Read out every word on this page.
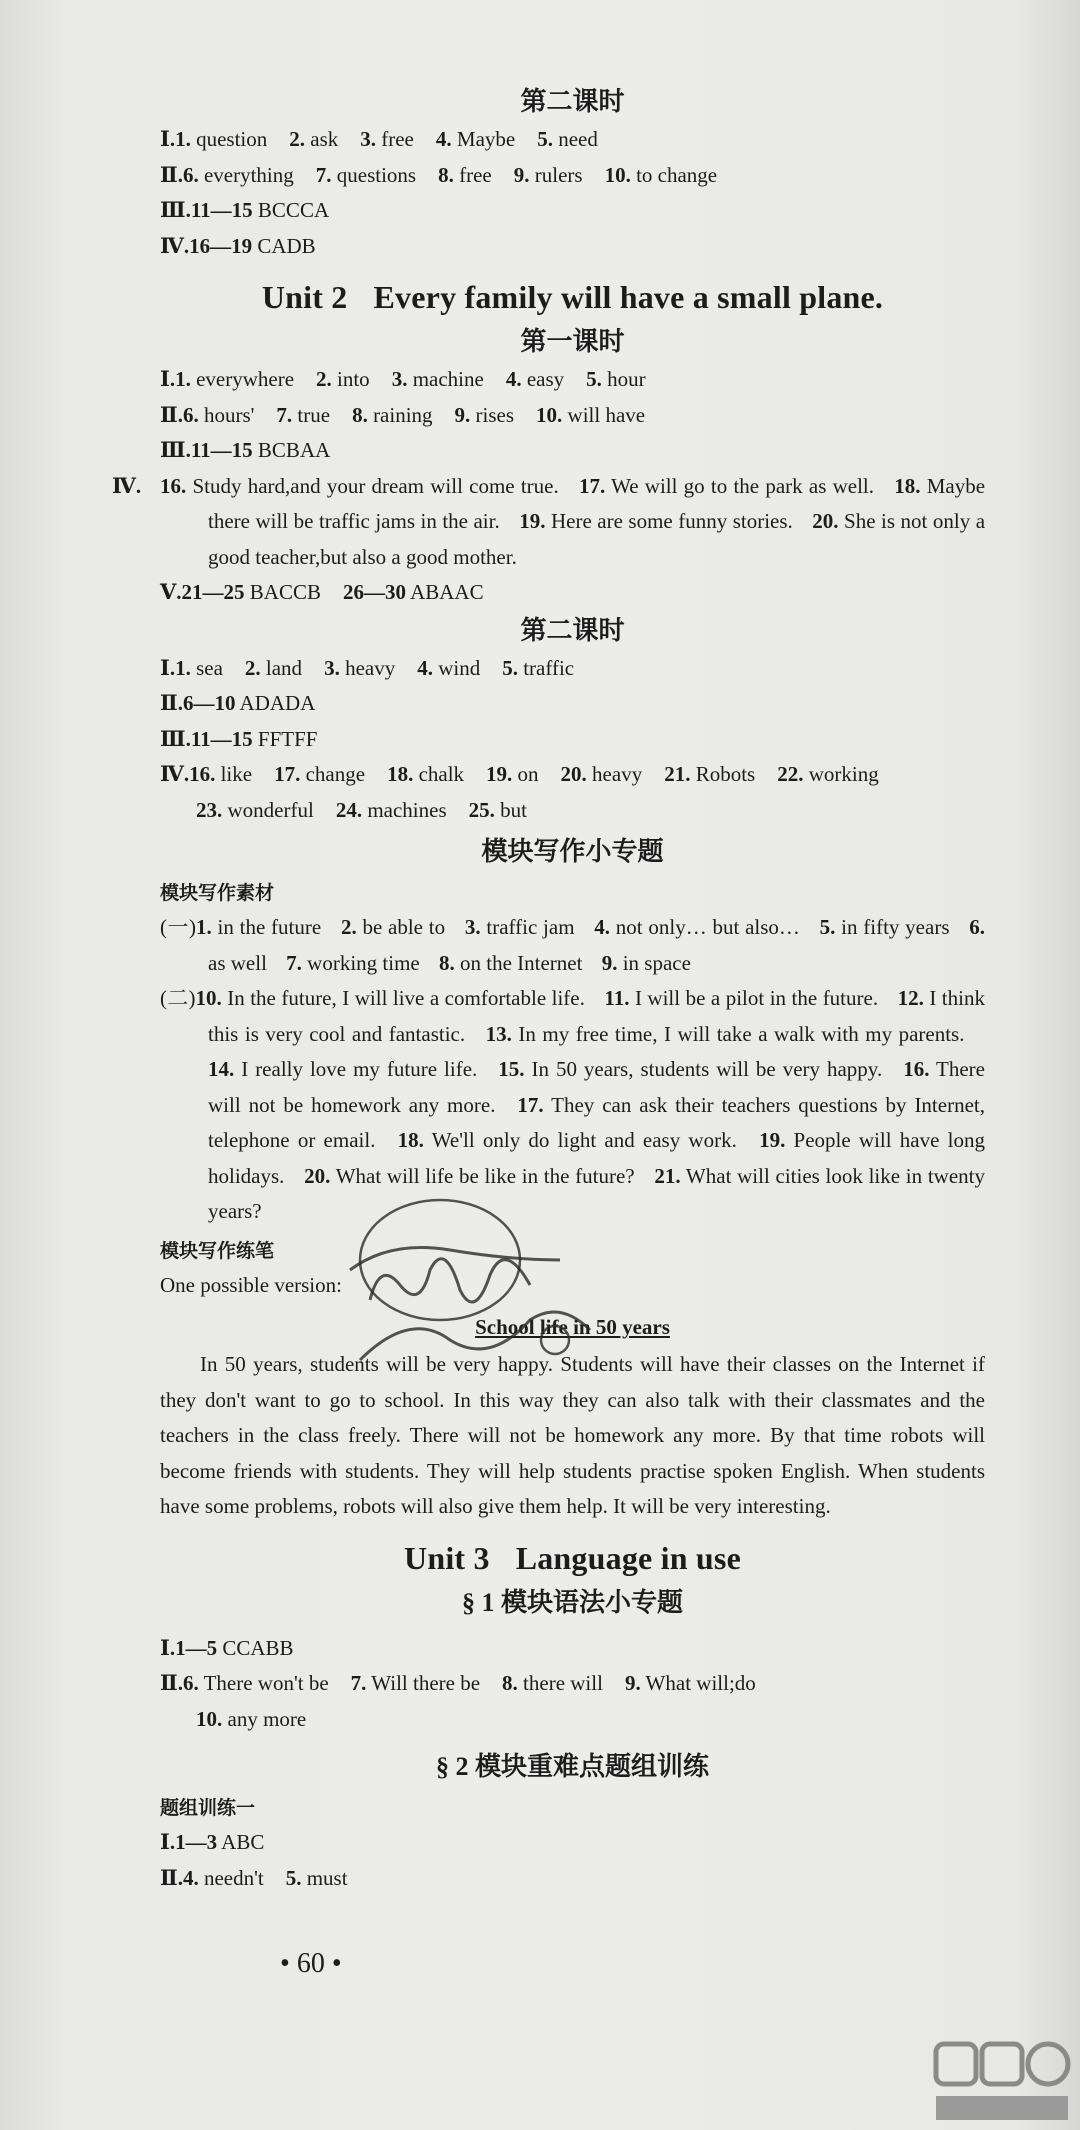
第二课时
Ⅰ.1. question 2. ask 3. free 4. Maybe 5. need
Ⅱ.6. everything 7. questions 8. free 9. rulers 10. to change
Ⅲ.11—15 BCCCA
Ⅳ.16—19 CADB
Unit 2 Every family will have a small plane.
第一课时
Ⅰ.1. everywhere 2. into 3. machine 4. easy 5. hour
Ⅱ.6. hours' 7. true 8. raining 9. rises 10. will have
Ⅲ.11—15 BCBAA
Ⅳ. 16. Study hard,and your dream will come true. 17. We will go to the park as well. 18. Maybe there will be traffic jams in the air. 19. Here are some funny stories. 20. She is not only a good teacher,but also a good mother.
Ⅴ.21—25 BACCB 26—30 ABAAC
第二课时
Ⅰ.1. sea 2. land 3. heavy 4. wind 5. traffic
Ⅱ.6—10 ADADA
Ⅲ.11—15 FFTFF
Ⅳ.16. like 17. change 18. chalk 19. on 20. heavy 21. Robots 22. working
23. wonderful 24. machines 25. but
模块写作小专题
模块写作素材
(一)1. in the future 2. be able to 3. traffic jam 4. not only… but also… 5. in fifty years 6. as well 7. working time 8. on the Internet 9. in space
(二)10. In the future, I will live a comfortable life. 11. I will be a pilot in the future. 12. I think this is very cool and fantastic. 13. In my free time, I will take a walk with my parents. 14. I really love my future life. 15. In 50 years, students will be very happy. 16. There will not be homework any more. 17. They can ask their teachers questions by Internet, telephone or email. 18. We'll only do light and easy work. 19. People will have long holidays. 20. What will life be like in the future? 21. What will cities look like in twenty years?
模块写作练笔
One possible version:
School life in 50 years
In 50 years, students will be very happy. Students will have their classes on the Internet if they don't want to go to school. In this way they can also talk with their classmates and the teachers in the class freely. There will not be homework any more. By that time robots will become friends with students. They will help students practise spoken English. When students have some problems, robots will also give them help. It will be very interesting.
Unit 3 Language in use
§ 1 模块语法小专题
Ⅰ.1—5 CCABB
Ⅱ.6. There won't be 7. Will there be 8. there will 9. What will;do
10. any more
§ 2 模块重难点题组训练
题组训练一
Ⅰ.1—3 ABC
Ⅱ.4. needn't 5. must
• 60 •
